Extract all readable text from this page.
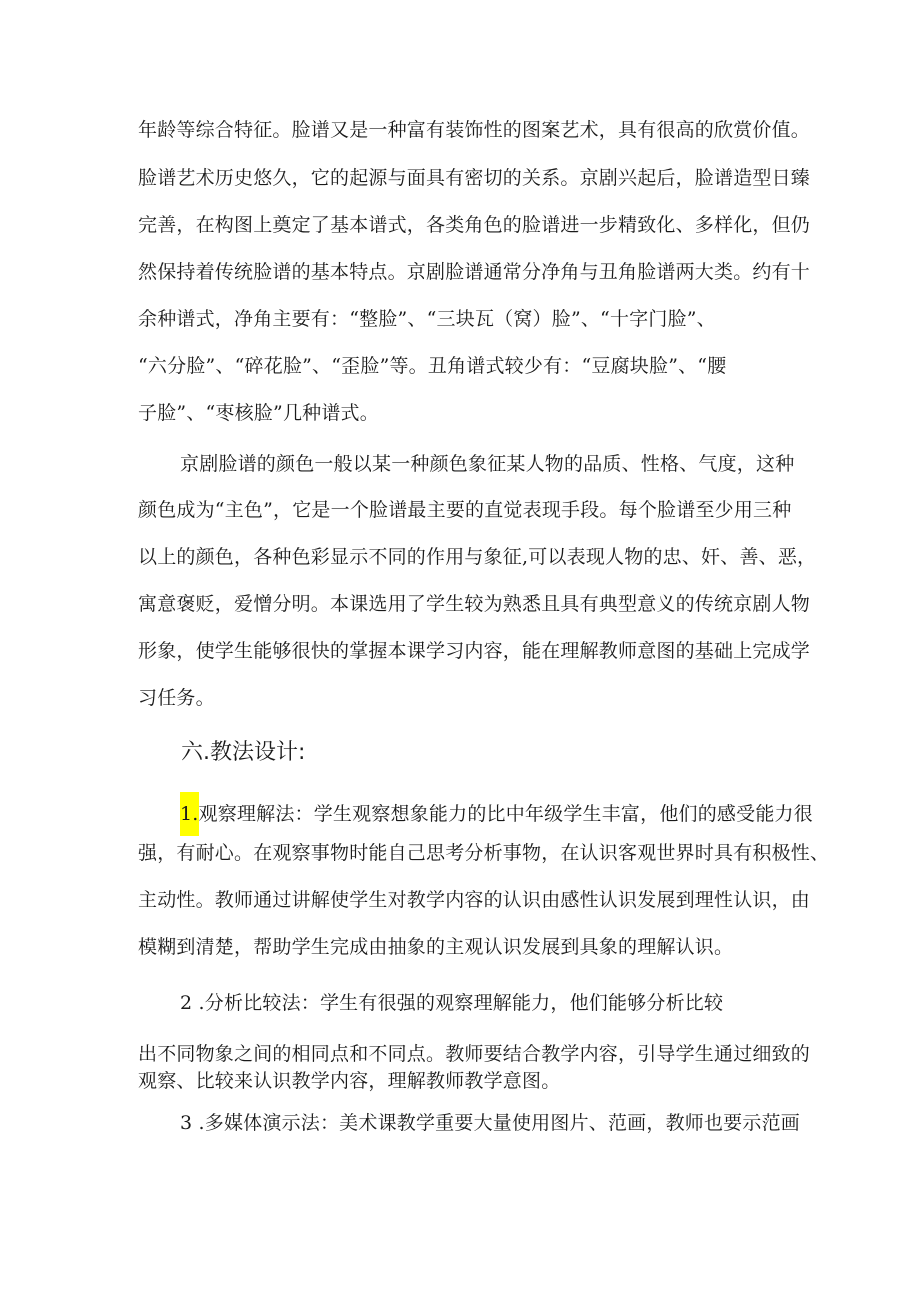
年龄等综合特征。脸谱又是一种富有装饰性的图案艺术，具有很高的欣赏价值。
脸谱艺术历史悠久，它的起源与面具有密切的关系。京剧兴起后，脸谱造型日臻
完善，在构图上奠定了基本谱式，各类角色的脸谱进一步精致化、多样化，但仍
然保持着传统脸谱的基本特点。京剧脸谱通常分净角与丑角脸谱两大类。约有十
余种谱式，净角主要有：“整脸”、“三块瓦（窝）脸”、“十字门脸”、
“六分脸”、“碎花脸”、“歪脸”等。丑角谱式较少有：“豆腐块脸”、“腰
子脸”、“枣核脸”几种谱式。
京剧脸谱的颜色一般以某一种颜色象征某人物的品质、性格、气度，这种
颜色成为“主色”，它是一个脸谱最主要的直觉表现手段。每个脸谱至少用三种
以上的颜色，各种色彩显示不同的作用与象征,可以表现人物的忠、奸、善、恶，
寓意褒贬，爱憎分明。本课选用了学生较为熟悉且具有典型意义的传统京剧人物
形象，使学生能够很快的掌握本课学习内容，能在理解教师意图的基础上完成学
习任务。
六.教法设计:
1.观察理解法：学生观察想象能力的比中年级学生丰富，他们的感受能力很
强，有耐心。在观察事物时能自己思考分析事物，在认识客观世界时具有积极性、
主动性。教师通过讲解使学生对教学内容的认识由感性认识发展到理性认识，由
模糊到清楚，帮助学生完成由抽象的主观认识发展到具象的理解认识。
2 .分析比较法：学生有很强的观察理解能力，他们能够分析比较
出不同物象之间的相同点和不同点。教师要结合教学内容，引导学生通过细致的
观察、比较来认识教学内容，理解教师教学意图。
3 .多媒体演示法：美术课教学重要大量使用图片、范画，教师也要示范画
